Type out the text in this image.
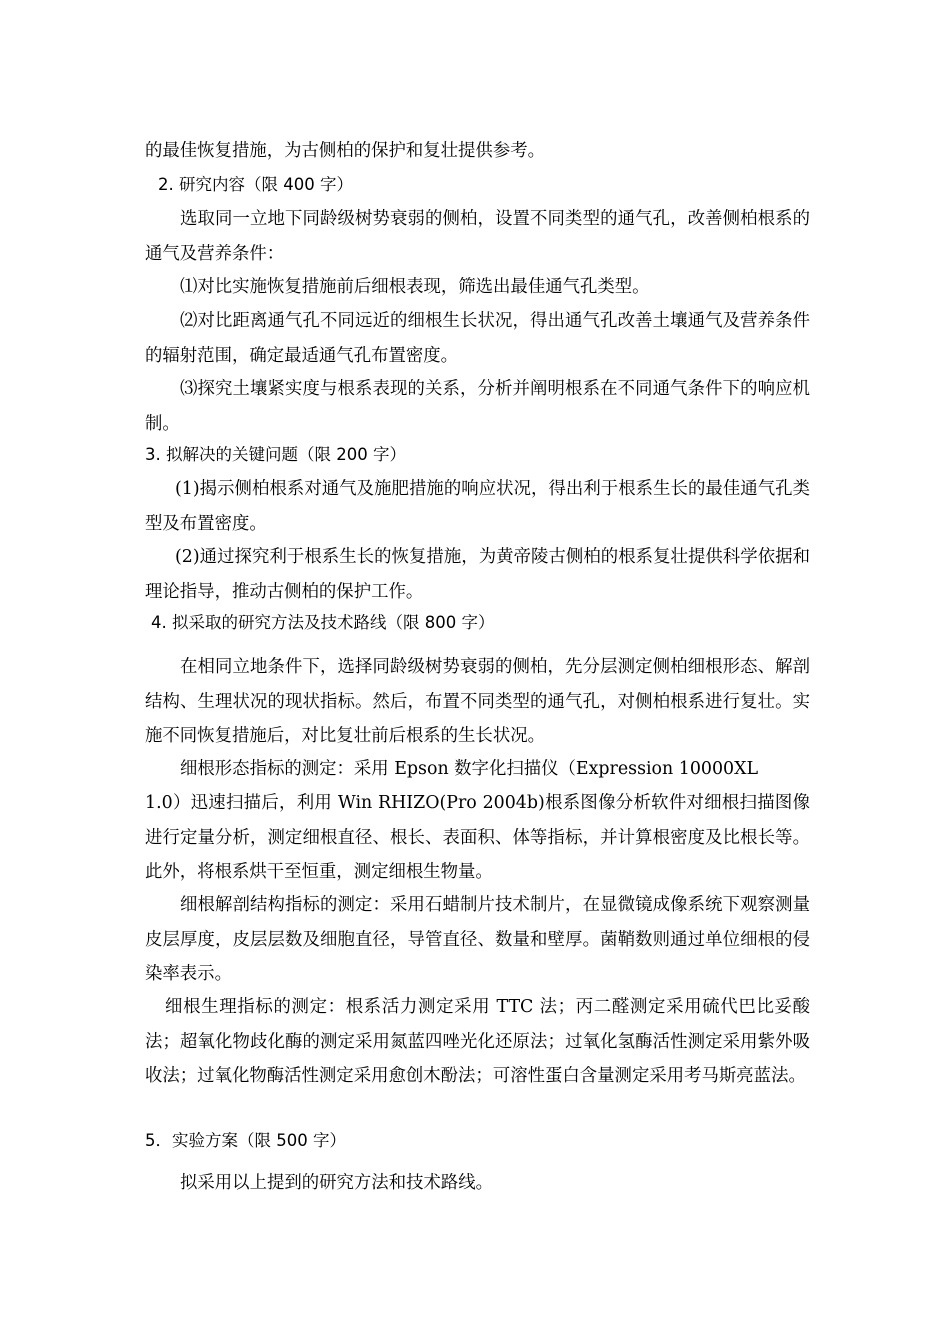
的最佳恢复措施，为古侧柏的保护和复壮提供参考。

2. 研究内容（限 400 字）

选取同一立地下同龄级树势衰弱的侧柏，设置不同类型的通气孔，改善侧柏根系的通气及营养条件：

⑴对比实施恢复措施前后细根表现，筛选出最佳通气孔类型。

⑵对比距离通气孔不同远近的细根生长状况，得出通气孔改善土壤通气及营养条件的辐射范围，确定最适通气孔布置密度。

⑶探究土壤紧实度与根系表现的关系，分析并阐明根系在不同通气条件下的响应机制。

3. 拟解决的关键问题（限 200 字）

(1)揭示侧柏根系对通气及施肥措施的响应状况，得出利于根系生长的最佳通气孔类型及布置密度。

(2)通过探究利于根系生长的恢复措施，为黄帝陵古侧柏的根系复壮提供科学依据和理论指导，推动古侧柏的保护工作。

4. 拟采取的研究方法及技术路线（限 800 字）

在相同立地条件下，选择同龄级树势衰弱的侧柏，先分层测定侧柏细根形态、解剖结构、生理状况的现状指标。然后，布置不同类型的通气孔，对侧柏根系进行复壮。实施不同恢复措施后，对比复壮前后根系的生长状况。

细根形态指标的测定：采用 Epson 数字化扫描仪（Expression 10000XL

1.0）迅速扫描后，利用 Win RHIZO(Pro 2004b)根系图像分析软件对细根扫描图像进行定量分析，测定细根直径、根长、表面积、体等指标，并计算根密度及比根长等。此外，将根系烘干至恒重，测定细根生物量。

细根解剖结构指标的测定：采用石蜡制片技术制片，在显微镜成像系统下观察测量皮层厚度，皮层层数及细胞直径，导管直径、数量和壁厚。菌鞘数则通过单位细根的侵染率表示。

细根生理指标的测定：根系活力测定采用 TTC 法；丙二醛测定采用硫代巴比妥酸法；超氧化物歧化酶的测定采用氮蓝四唑光化还原法；过氧化氢酶活性测定采用紫外吸收法；过氧化物酶活性测定采用愈创木酚法；可溶性蛋白含量测定采用考马斯亮蓝法。

5．实验方案（限 500 字）

拟采用以上提到的研究方法和技术路线。
